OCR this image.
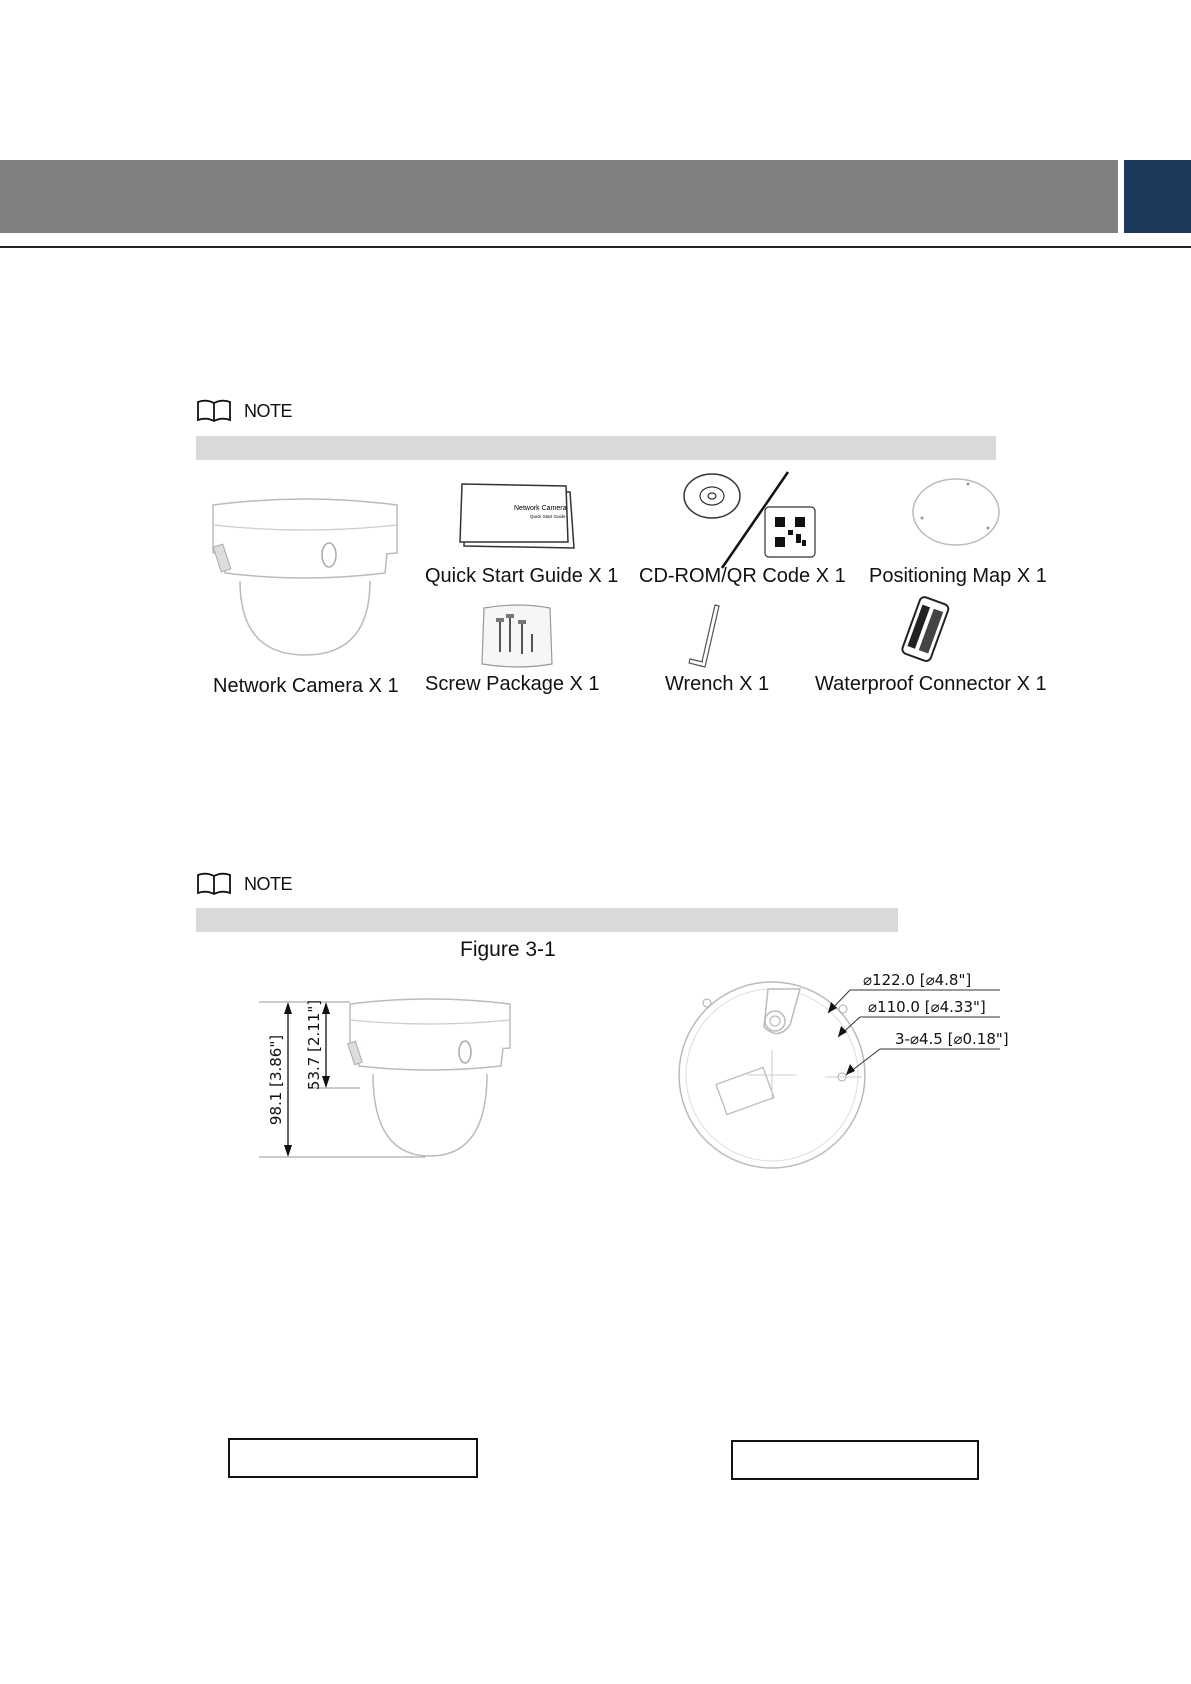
NOTE
Network Camera X 1
Network Camera
Quick Start Guide
Quick Start Guide X 1 CD-ROM/QR Code X 1 Positioning Map X 1
Screw Package X 1	Wrench X 1 Waterproof Connector X 1
NOTE
Figure 3-1
98.1 [3.86"] 53.7 [2.11"]
⌀122.0 [⌀4.8"]
⌀110.0 [⌀4.33"]
3-⌀4.5 [⌀0.18"]
